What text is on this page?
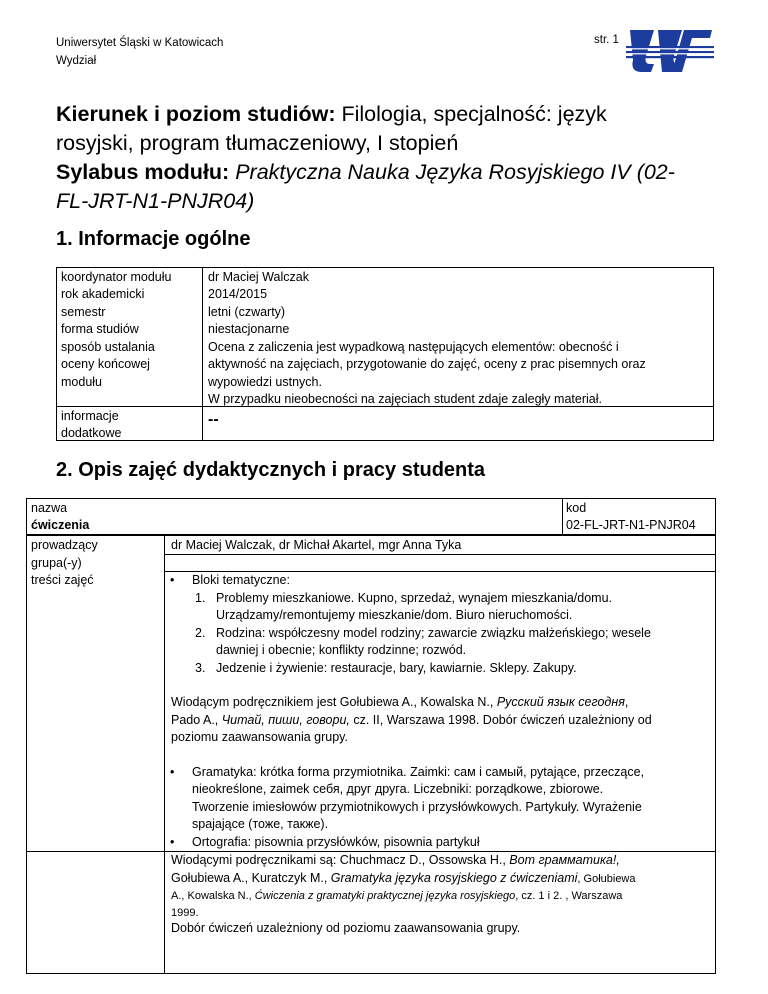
Uniwersytet Śląski w Katowicach
Wydział
str. 1
Kierunek i poziom studiów: Filologia, specjalność: język
rosyjski, program tłumaczeniowy, I stopień
Sylabus modułu: Praktyczna Nauka Języka Rosyjskiego IV (02-
FL-JRT-N1-PNJR04)
1. Informacje ogólne
koordynator modułu
rok akademicki
semestr
forma studiów
sposób ustalania
oceny końcowej
modułu
informacje
dodatkowe
dr Maciej Walczak
2014/2015
letni (czwarty)
niestacjonarne
Ocena z zaliczenia jest wypadkową następujących elementów: obecność i
aktywność na zajęciach, przygotowanie do zajęć, oceny z prac pisemnych oraz
wypowiedzi ustnych.
W przypadku nieobecności na zajęciach student zdaje zaległy materiał.
--
2. Opis zajęć dydaktycznych i pracy studenta
nazwa
ćwiczenia
kod
02-FL-JRT-N1-PNJR04
prowadzący
grupa(-y)
treści zajęć
dr Maciej Walczak, dr Michał Akartel, mgr Anna Tyka
• Bloki tematyczne:
1. Problemy mieszkaniowe. Kupno, sprzedaż, wynajem mieszkania/domu.
Urządzamy/remontujemy mieszkanie/dom. Biuro nieruchomości.
2. Rodzina: współczesny model rodziny; zawarcie związku małżeńskiego; wesele
dawniej i obecnie; konflikty rodzinne; rozwód.
3. Jedzenie i żywienie: restauracje, bary, kawiarnie. Sklepy. Zakupy.
Wiodącym podręcznikiem jest Gołubiewa A., Kowalska N., Русский язык сегодня,
Pado A., Читай, пиши, говори, cz. II, Warszawa 1998. Dobór ćwiczeń uzależniony od
poziomu zaawansowania grupy.
• Gramatyka: krótka forma przymiotnika. Zaimki: сам i самый, pytające, przeczące,
nieokreślone, zaimek себя, друг друга. Liczebniki: porządkowe, zbiorowe.
Tworzenie imiesłowów przymiotnikowych i przysłówkowych. Partykuły. Wyrażenie
spajające (тоже, также).
• Ortografia: pisownia przysłówków, pisownia partykuł
Wiodącymi podręcznikami są: Chuchmacz D., Ossowska H., Вот грамматика!,
Gołubiewa A., Kuratczyk M., Gramatyka języka rosyjskiego z ćwiczeniami, Gołubiewa
A., Kowalska N., Ćwiczenia z gramatyki praktycznej języka rosyjskiego, cz. 1 i 2. , Warszawa
1999.
Dobór ćwiczeń uzależniony od poziomu zaawansowania grupy.
